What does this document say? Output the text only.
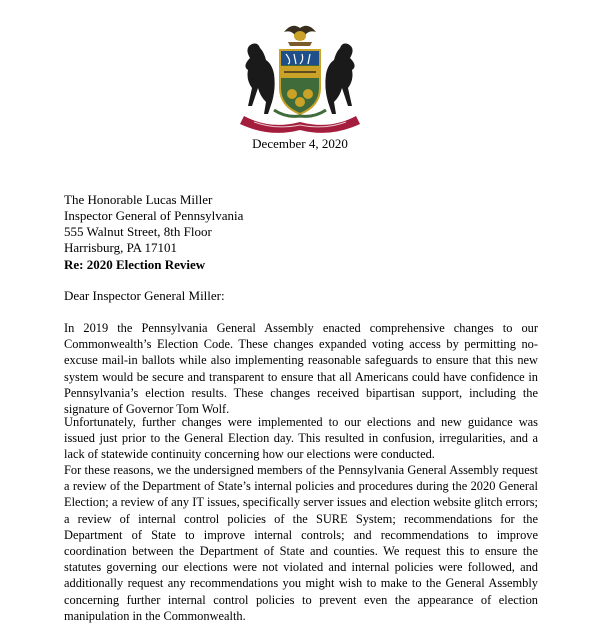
December 4, 2020
The Honorable Lucas Miller
Inspector General of Pennsylvania
555 Walnut Street, 8th Floor
Harrisburg, PA 17101
Re: 2020 Election Review
Dear Inspector General Miller:
In 2019 the Pennsylvania General Assembly enacted comprehensive changes to our Commonwealth’s Election Code. These changes expanded voting access by permitting no-excuse mail-in ballots while also implementing reasonable safeguards to ensure that this new system would be secure and transparent to ensure that all Americans could have confidence in Pennsylvania’s election results. These changes received bipartisan support, including the signature of Governor Tom Wolf.
Unfortunately, further changes were implemented to our elections and new guidance was issued just prior to the General Election day. This resulted in confusion, irregularities, and a lack of statewide continuity concerning how our elections were conducted.
For these reasons, we the undersigned members of the Pennsylvania General Assembly request a review of the Department of State’s internal policies and procedures during the 2020 General Election; a review of any IT issues, specifically server issues and election website glitch errors; a review of internal control policies of the SURE System; recommendations for the Department of State to improve internal controls; and recommendations to improve coordination between the Department of State and counties. We request this to ensure the statutes governing our elections were not violated and internal policies were followed, and additionally request any recommendations you might wish to make to the General Assembly concerning further internal control policies to prevent even the appearance of election manipulation in the Commonwealth.
